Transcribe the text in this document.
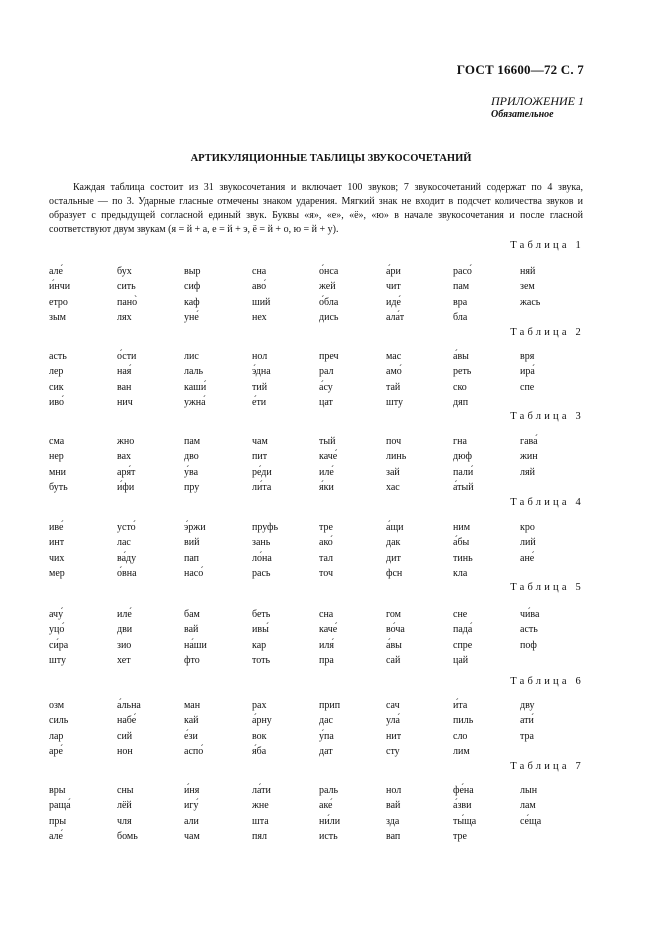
ГОСТ 16600—72 С. 7
ПРИЛОЖЕНИЕ 1
Обязательное
АРТИКУЛЯЦИОННЫЕ ТАБЛИЦЫ ЗВУКОСОЧЕТАНИЙ

Каждая таблица состоит из 31 звукосочетания и включает 100 звуков; 7 звукосочетаний содержат по 4 звука, остальные — по 3. Ударные гласные отмечены знаком ударения. Мягкий знак не входит в подсчет количества звуков и образует с предыдущей согласной единый звук. Буквы «я», «е», «ё», «ю» в начале звукосочетания и после гласной соответствуют двум звукам (я = й + а, е = й + э, ё = й + о, ю = й + у).

Таблица 1
але́
и́нчи
етро
зым
бух
сить
пано̀
лях
выр
сиф
каф
уне́
сна
аво́
ший
нех
о́нса
жей
о́бла
дись
а́ри
чит
иде́
ала́т
расо́
пам
вра
бла
няй
зем
жась
Таблица 2
асть
лер
сик
иво́
о́сти
ная́
ван
нич
лис
лаль
каши́
ужна́
нол
э́дна
тий
е́ти
преч
рал
а́су
цат
мас
амо́
тай
шту
а́вы
реть
ско
дяп
вря
ира́
спе
Таблица 3
сма
нер
мни
буть
жно
вах
аря́т
и́фи
пам
дво
у́ва
пру
чам
пит
ре́ди
ли́та
тый
каче́
иле́
я́ки
поч
линь
зай
хас
гна
дюф
пали́
а́тый
гава́
жин
ляй
Таблица 4
иве́
инт
чих
мер
усто́
лас
ва́ду
о́вна
э́ржи
вий
пап
насо́
пруфь
зань
ло́на
рась
тре
ако́
тал
точ
а́щи
дак
дит
фсн
ним
а́бы
тинь
кла
кро
лий
ане́
Таблица 5
ачу́
уцо́
си́ра
шту
иле́
дви
зио
хет
бам
вай
на́ши
фто
беть
ивы́
кар
тоть
сна
каче́
иля́
пра
гом
во́ча
а́вы
сай
сне
пада́
спре
цай
чи́ва
асть
поф
Таблица 6
озм
силь
лар
аре́
а́льна
набе́
сий
нон
ман
кай
е́зи
аспо́
рах
а́рну
вок
я́ба
прип
дас
у́па
дат
сач
ула́
нит
сту
и́та
пиль
сло
лим
дву
ати́
тра
Таблица 7
вры
раща́
пры
але́
сны
лёй
чля
бомь
и́ня
игу́
али
чам
ла́ти
жне
шта
пял
раль
аке́
ни́ли
исть
нол
вай
зда
вап
фе́на
а́зви
ты́ща
тре
лын
лам
се́ща
